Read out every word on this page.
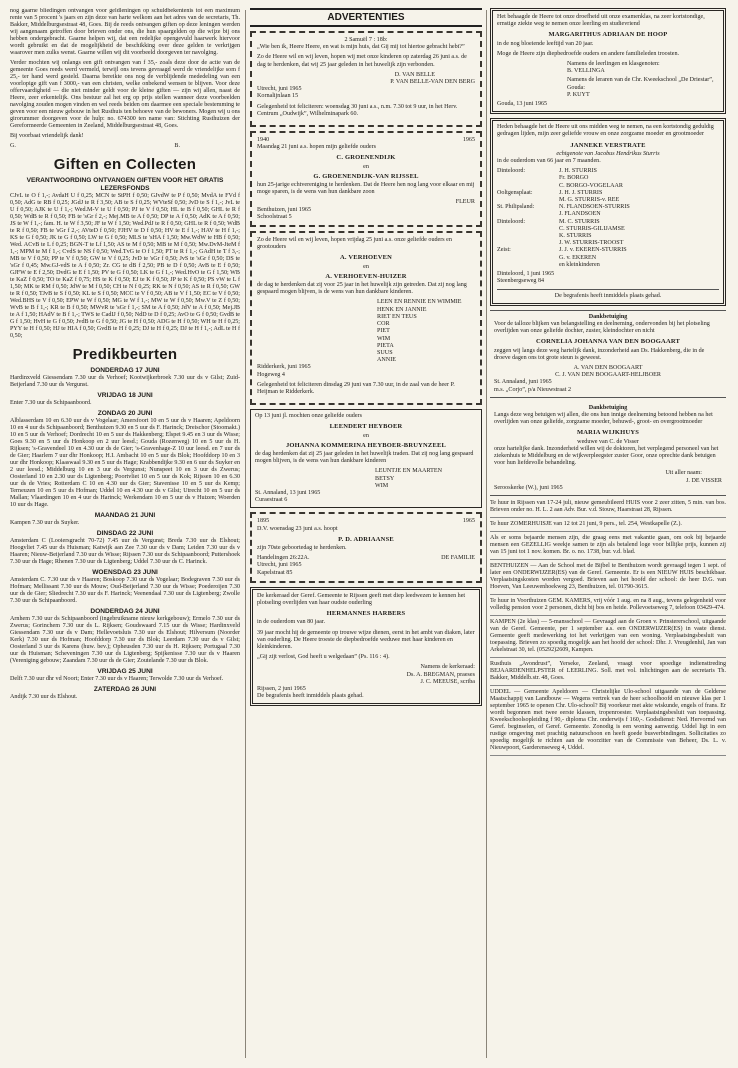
nog gaarne bliedingen ontvangen voor geldleningen op schuldbekentenis tot een maximum rente van 5 procent 's jaars en zijn deze van harte welkom aan het adres van de secretaris, Th. Bakker, Middelburgsestraat 48, Goes. Bij de reeds ontvangen giften op deze leningen werden wij aangenaam getroffen door brieven onder ons, die hun spaargelden op die wijze bij ons hebben ondergebracht. Gaarne helpen wij, dat een redelijke opengevuld haarwerk hiervoor wordt gebruikt en dat de mogelijkheid de beschikking over deze gelden te verkrijgen waarover men zulks wenst. Gaarne willen wij dit voorbeeld doorgeven ter navolging.

Verder mochten wij onlangs een gift ontvangen van f 35,- zoals deze door de actie van de gemeente Goes reeds werd vermeld, terwijl ons tevens gevraagd werd de vriendelijke som f 25,- ter hand werd gesteld. Daarna bereikte ons nog de verblijdende mededeling van een voorlopige gift van f 3000,- van een christen, welke onbekend wensen te blijven. Voor deze offervaardigheid — die niet minder geldt voor de kleine giften — zijn wij allen, naast de Heere, zeer erkentelijk. Ons bestuur zal het erg op prijs stellen wanneer deze voorbeelden navolging zouden mogen vinden en wel reeds beiden om daarmee een speciale bestemming te geven voor een nieuw gebouw in het Rusthuis ten behoeve van de bewoners. Mogen wij u ons girorummer doorgeven voor de hulp: no. 674300 ten name van: Stichting Rusthuizen der Gereformeerde Gemeenten in Zeeland, Middelburgsestraat 48, Goes.

Bij voorbaat vriendelijk dank!

G.	B.
Giften en Collecten
VERANTWOORDING ONTVANGEN GIFTEN VOOR HET GRATIS LEZERSFONDS

CJvL te O f 1,-; AvdaH U f 0,25; MCN te StPH f 0,50; GJvdW te P f 0,50; MvdA te FVd f 0,50; AdG te RB f 0,25; JGdJ te R f 3,50; AB te S f 0,25; WVteSf 0,50; JvD te S f 1,-; JvL te U f 0,50; AJK te U f 1,-; Wed.M-V te U f 0,50; PJ te V f 0,50; HL te B f 0,50; GHL te R f 0,50; WdB te R f 0,50; FB te 'sGr f 2,-; Mej.MB te A f 0,50; DP te A f 0,50; AdK te A f 0,50; JS te W f 1,-; fam. H. te W f 3,50; JF te W f 1,50; Wed.PdJ te R f 0,50; GHL te R f 0,50; WdB te R f 0,50; FB te 'sGr f 2,-; AVteD f 0,50; FJHV te D f 0,50; HV te E f 1,-; HAV te H f 1,-; KS te G f 0,50; JK te G f 0,50; LW te G f 0,50; MLS te 'sHA f 1,50; Mw.WdW te HB f 0,50; Wed. ACvB te L f 0,25; BGN-T te Lf 1,50; AS te M f 0,50; MB te M f 0,50; Mw.DvM-JteM f 1,-; MPM te M f 1,-; CvdS te NS f 0,50; Wed.TvG te O f 1,50; PT te R f 1,-; GAdH te T f 3,-; MB te V f 0,50; PP te V f 0,50; GW te V f 0,25; JvD te 'sGr f 0,50; JvS te 'sGr f 0,50; DS te 'sGr f 0,45; Mw.GJ-vdS te A f 0,50; Zr. CG te dB f 2,50; PB te D f 0,50; AvB te E f 0,50; GJFW te E f 2,50; DvdG te E f 1,50; PV te G f 0,50; LK te G f 1,-; Wed.HvO te G f 1,50; WB te KaZ f 0,50; TO te KaZ f 0,75; HS te K f 0,50; EJ te K f 0,50; JP te K f 0,50; PS vW te L f 1,50; MK te RM f 0,50; JdW te M f 0,50; CH te N f 0,25; RK te N f 0,50; AS te R f 0,50; GW te R f 0,50; TJvB te S f 0,50; KL te S f 0,50; MCC te V f 0,50; AB te V f 1,50; EC te V f 0,50; Wed.BHS te V f 0,50; EPW te W f 0,50; MG te W f 1,-; MW te W f 0,50; Mw.V te Z f 0,50; WvB te B f 1,-; KR te B f 0,50; MWvR te 'sGr f 1,-; SM te A f 0,50; JdV te A f 0,50; Mej.JB te A f 1,50; HAdV te B f 1,-; TWS te CadIJ f 0,50; NdD te D f 0,25; AvO te G f 0,50; GvdB te G f 1,50; HvH te G f 0,50; JvdB te G f 0,50; JG te H f 0,50; ADG te H f 0,50; WH te H f 0,25; PYY te H f 0,50; HJ te HIA f 0,50; GvdB te H f 0,25; DJ te H f 0,25; DJ te H f 1,-; AdL te H f 0,50;

Predikbeurten
DONDERDAG 17 JUNI

Hardinxveld Giessendam 7.30 uur ds Verhoef; Kootwijkerbroek 7.30 uur ds v Gilst; Zuid-Beijerland 7.30 uur ds Vergunst.

VRIJDAG 18 JUNI

Enter 7.30 uur ds Schipaanboord.

ZONDAG 20 JUNI

Alblasserdam 10 en 6.30 uur ds v Vogelaar; Amersfoort 10 en 5 uur ds v Haaren; Apeldoorn 10 en 4 uur ds Schipaanboord; Benthuizen 9.30 en 5 uur ds F. Harinck; Dreischor (Stoomakt.) 10 en 5 uur ds Verhoef; Dordrecht 10 en 5 uur ds Hakkenberg; Elspet 9.45 en 3 uur ds Wisse; Goes 9.30 en 5 uur ds Honkoop en 2 uur leesd.; Gouda (Rozenweg) 10 en 5 uur ds H. Rijksen; 's-Gravendeel 10 en 4.30 uur ds de Gier; 's-Gravenhage-Z 10 uur leesd. en 7 uur ds de Gier; Haarlem 7 uur dhr Honkoop; H.I. Ambacht 10 en 5 uur ds Blok; Hoofddorp 10 en 3 uur dhr Honkoop; Klaaswaal 9.30 en 5 uur ds Hage; Krabbendijke 9.30 en 6 uur ds Suyker en 2 uur leesd.; Middelburg 10 en 3 uur ds Vergunst; Nunspeet 10 en 3 uur ds Zwerus; Oosterland 10 en 2.30 uur ds Ligtenberg; Poortvliet 10 en 5 uur ds Kok; Rijssen 10 en 6.30 uur ds de Vries; Rotterdam C 10 en 4.30 uur ds Gier; Stavenisse 10 en 5 uur ds Kemp; Terneuzen 10 en 5 uur ds Hofman; Uddel 10 en 4.30 uur ds v Gilst; Utrecht 10 en 5 uur ds Mallan; Vlaardingen 10 en 4 uur ds Harinck; Werkendam 10 en 5 uur ds v Huizen; Woerden 10 uur ds Hage.

MAANDAG 21 JUNI

Kampen 7.30 uur ds Suyker.

DINSDAG 22 JUNI

Amsterdam C (Looiersgracht 70-72) 7.45 uur ds Vergunst; Breda 7.30 uur ds Elshout; Hoogvliet 7.45 uur ds Huisman; Katwijk aan Zee 7.30 uur ds v Dam; Leiden 7.30 uur ds v Haaren; Nieuw-Beijerland 7.30 uur ds Wisse; Rijssen 7.30 uur ds Schipaanboord; Puttershoek 7.30 uur ds Hage; Rhenen 7.30 uur ds Ligtenberg; Uddel 7.30 uur ds C. Harinck.

WOENSDAG 23 JUNI

Amsterdam C. 7.30 uur ds v Haaren; Boskoop 7.30 uur ds Vogelaar; Bodegraven 7.30 uur ds Hofman; Mellissant 7.30 uur ds Mouw; Oud-Beijerland 7.30 uur ds Wisse; Poederoijen 7.30 uur ds de Gier; Sliedrecht 7.30 uur ds F. Harinck; Veenendaal 7.30 uur ds Ligtenberg; Zwolle 7.30 uur ds Schipaanboord.

DONDERDAG 24 JUNI

Arnhem 7.30 uur ds Schipaanboord (ingebruikname nieuw kerkgebouw); Ermelo 7.30 uur ds Zwerus; Gorinchem 7.30 uur ds L. Rijksen; Goudswaard 7.15 uur ds Wisse; Hardinxveld Giessendam 7.30 uur ds v Dam; Hellevoetsluis 7.30 uur ds Elshout; Hilversum (Noorder Kerk) 7.30 uur ds Hofman; Hoofddorp 7.30 uur ds Blok; Leerdam 7.30 uur ds v Gilst; Oosterland 3 uur ds Karens (huw. bev.); Opheusden 7.30 uur ds H. Rijksen; Portugaal 7.30 uur ds Huisman; Scheveningen 7.30 uur ds Ligtenberg; Spijkenisse 7.30 uur ds v Haaren (Vereniging gebouw; Zaandam 7.30 uur ds de Gier; Zoutelande 7.30 uur ds Blok.

VRIJDAG 25 JUNI

Delft 7.30 uur dhr vd Noort; Enter 7.30 uur ds v Haaren; Terwolde 7.30 uur ds Verhoef.

ZATERDAG 26 JUNI

Andijk 7.30 uur ds Elshout.

ADVERTENTIES
2 Samuël 7 : 18b:

„Wie ben ik, Heere Heere, en wat is mijn huis, dat Gij mij tot hiertoe gebracht hebt?”

Zo de Heere wil en wij leven, hopen wij met onze kinderen op zaterdag 26 juni a.s. de dag te herdenken, dat wij 25 jaar geleden in het huwelijk zijn verbonden.

D. VAN BELLE
P. VAN BELLE-VAN DEN BERG
Utrecht, juni 1965
Kornalijnlaan 15

Gelegenheid tot feliciteren: woensdag 30 juni a.s., n.m. 7.30 tot 9 uur, in het Herv. Centrum „Oudwijk”, Wilhelminapark 60.

1940	1965

Maandag 21 juni a.s. hopen mijn geliefde ouders

C. GROENENDIJK
en
G. GROENENDIJK-VAN RIJSSEL

hun 25-jarige echtvereniging te herdenken. Dat de Heere hen nog lang voor elkaar en mij moge sparen, is de wens van hun dankbare zoon

FLEUR
Benthuizen, juni 1965
Schoolstraat 5

Zo de Heere wil en wij leven, hopen vrijdag 25 juni a.s. onze geliefde ouders en grootouders

A. VERHOEVEN
en
A. VERHOEVEN-HUIZER

de dag te herdenken dat zij voor 25 jaar in het huwelijk zijn getreden. Dat zij nog lang gespaard mogen blijven, is de wens van hun dankbare kinderen.

LEEN EN RENNIE EN WIMMIE
HENK EN JANNIE
RIET EN TEUS
COR
PIET
WIM
PIETA
SUUS
ANNIE
Ridderkerk, juni 1965
Hogeweg 4

Gelegenheid tot feliciteren dinsdag 29 juni van 7.30 uur, in de zaal van de heer P. Heijman te Ridderkerk.

Op 13 juni jl. mochten onze geliefde ouders

LEENDERT HEYBOER
en
JOHANNA KOMMERINA HEYBOER-BRUYNZEEL

de dag herdenken dat zij 25 jaar geleden in het huwelijk traden. Dat zij nog lang gespaard mogen blijven, is de wens van hun dankbare kinderen

LEUNTJE EN MAARTEN
BETSY
WIM
St. Annaland, 13 juni 1965
Curaestraat 6
1895	1965

D.V. woensdag 23 juni a.s. hoopt

P. D. ADRIAANSE

zijn 70ste geboortedag te herdenken.

Handelingen 26:22A.	DE FAMILIE
Utrecht, juni 1965
Kapelstraat 85

De kerkeraad der Geref. Gemeente te Rijssen geeft met diep leedwezen te kennen het plotseling overlijden van haar oudste ouderling

HERMANNES HARBERS

in de ouderdom van 80 jaar.

39 jaar mocht hij de gemeente op trouwe wijze dienen, eerst in het ambt van diaken, later van ouderling. De Heere troeste de diepbedroefde weduwe met haar kinderen en kleinkinderen.

„Gij zijt verlost, God heeft u welgedaan” (Ps. 116 : 4).

Namens de kerkeraad:
Ds. A. BREGMAN, praeses
J. C. MEEUSE, scriba
Rijssen, 2 juni 1965
De begrafenis heeft inmiddels plaats gehad.

Het behaagde de Heere tot onze droefheid uit onze examenklas, na zeer kortstondige, ernstige ziekte weg te nemen onze leerling en studievriend

MARGARITHUS ADRIAAN DE HOOP

in de nog bloeiende leeftijd van 20 jaar.

Moge de Heere zijn diepbedroefde ouders en andere familieleden troosten.

Namens de leerlingen en klasgenoten:
B. VELLINGA
Namens de leraren van de Chr. Kweekschool „De Driestar”, Gouda:
P. KUYT
Gouda, 13 juni 1965

Heden behaagde het de Heere uit ons midden weg te nemen, na een kortstondig geduldig gedragen lijden, mijn zeer geliefde vrouw en onze zorgzame moeder en grootmoeder

JANNEKE VERSTRATE
echtgenote van Jacobus Hendrikus Sturris

in de ouderdom van 66 jaar en 7 maanden.

Dinteloord:	J. H. STURRIS
Fr. BORGO
C. BORGO-VOGELAAR
Ooltgensplaat:	J. H. J. STURRIS
M. G. STURRIS-v. REE
St. Philipsland:	N. FLANDSOEN-STURRIS
J. FLANDSOEN
Dinteloord:	M. C. STURRIS
C. STURRIS-GILIJAMSE
K. STURRIS
J. W. STURRIS-TROOST
Zeist:	J. J. v. EKEREN-STURRIS
G. v. EKEREN
en kleinkinderen
Dinteloord, 1 juni 1965
Steenbergseweg 84
De begrafenis heeft inmiddels plaats gehad.
Dankbetuiging

Voor de talloze blijken van belangstelling en deelneming, ondervonden bij het plotseling overlijden van onze geliefde dochter, zuster, kleindochter en nicht

CORNELIA JOHANNA VAN DEN BOOGAART

zeggen wij langs deze weg hartelijk dank, inzonderheid aan Ds. Hakkenberg, die in de droeve dagen ons tot grote steun is geweest.

A. VAN DEN BOOGAART
C. J. VAN DEN BOOGAART-HELJBOER
St. Annaland, juni 1965
m.s. „Corjo”, p/a Nieuwstraat 2
Dankbetuiging

Langs deze weg betuigen wij allen, die ons hun innige deelneming betoond hebben na het overlijden van onze geliefde, zorgzame moeder, behuwd-, groot- en overgrootmoeder

MARIA WIJKHUYS
weduwe van C. de Visser

onze hartelijke dank. Inzonderheid willen wij de doktoren, het verplegend personeel van het ziekenhuis te Middelburg en de wijkverpleegster zuster Goor, onze oprechte dank betuigen voor hun liefdevolle behandeling.

Uit aller naam:
J. DE VISSER
Serooskerke (W.), juni 1965

Te huur in Rijssen van 17-24 juli, nieuw gemeubileerd HUIS voor 2 zeer zitten, 5 min. van bos. Brieven onder no. H. L. 2 aan Adv. Bur. v.d. Stouw, Haarstraat 28, Rijssen.

Te huur ZOMERHUISJE van 12 tot 21 juni, 9 pers., tel. 254, Westkapelle (Z.).

Als er soms bejaarde mensen zijn, die graag eens met vakantie gaan, om ook bij bejaarde mensen een GEZELLIG weekje samen te zijn als betalend loge voor billijke prijs, kunnen zij van 15 juni tot 1 nov. komen. Br. o. no. 1738, bur. v.d. blad.

BENTHUIZEN — Aan de School met de Bijbel te Benthuizen wordt gevraagd tegen 1 sept. of later een ONDERWIJZER(ES) van de Geref. Gemeente. Er is een NIEUW HUIS beschikbaar. Verplaatsingskosten worden vergoed. Brieven aan het hoofd der school: de heer D.G. van Hoeven, Van Leeuwenhoekweg 23, Benthuizen, tel. 01790-3615.

Te huur in Voorthuizen GEM. KAMERS, vrij vóór 1 aug. en na 8 aug., tevens gelegenheid voor volledig pension voor 2 personen, dicht bij bos en heide. Pollevoetseweg 7, telefoon 03429-474.

KAMPEN (2e klas) — 5-mansschool — Gevraagd aan de Groen v. Prinstererschool, uitgaande van de Geref. Gemeente, per 1 september a.s. een ONDERWIJZER(ES) in vaste dienst. Gemeente geeft medewerking tot het verkrijgen van een woning. Verplaatsingsbesluit van toepassing. Brieven zo spoedig mogelijk aan het hoofd der school: Dhr. J. Vreugdenhil, Jan van Arkelstraat 30, tel. (05292)2609, Kampen.

Rusthuis „Avondrust”, Yerseke, Zeeland, vraagt voor spoedige indiensttreding BEJAARDENHELPSTER of LEERLING. Soll. met vol. inlichtingen aan de secretaris Th. Bakker, Middelb.str. 48, Goes.

UDDEL — Gemeente Apeldoorn — Christelijke Ulo-school uitgaande van de Gelderse Maatschappij van Landbouw — Wegens vertrek van de heer schoolhoofd en nieuwe klas per 1 september 1965 te openen Chr. Ulo-school? Bij voorkeur met akte wiskunde, engels of frans. Er wordt begonnen met twee eerste klassen, tropenroester. Verplaatsingsbesluit van toepassing. Kweekschoolsopleiding f 90,- diploma Chr. onderwijs f 160,-. Godsdienst: Ned. Hervormd van Geref. beginselen, of Geref. Gemeente. Zonodig is een woning aanwezig. Uddel ligt in een rustige omgeving met prachtig natuurschoon en heeft goede busverbindingen. Sollicitaties zo spoedig mogelijk te richten aan de voorzitter van de Commissie van Beheer, Ds. L. v. Nieuwpoort, Garderenseweg 4, Uddel.
